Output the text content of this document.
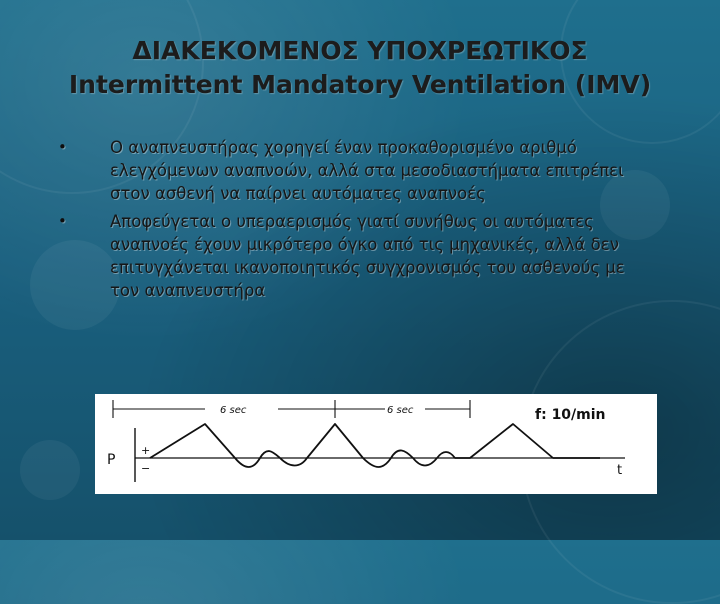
ΔΙΑΚΕΚΟΜΕΝΟΣ ΥΠΟΧΡΕΩΤΙΚΟΣ
Intermittent Mandatory Ventilation (IMV)
•	Ο αναπνευστήρας χορηγεί έναν προκαθορισμένο αριθμό ελεγχόμενων αναπνοών, αλλά στα μεσοδιαστήματα επιτρέπει στον ασθενή να παίρνει αυτόματες αναπνοές
•	Αποφεύγεται ο υπεραερισμός γιατί συνήθως οι αυτόματες αναπνοές έχουν μικρότερο όγκο από τις μηχανικές, αλλά δεν επιτυγχάνεται ικανοποιητικός συγχρονισμός του ασθενούς με τον αναπνευστήρα
6 sec	6 sec	f: 10/min
P
+
−	t
